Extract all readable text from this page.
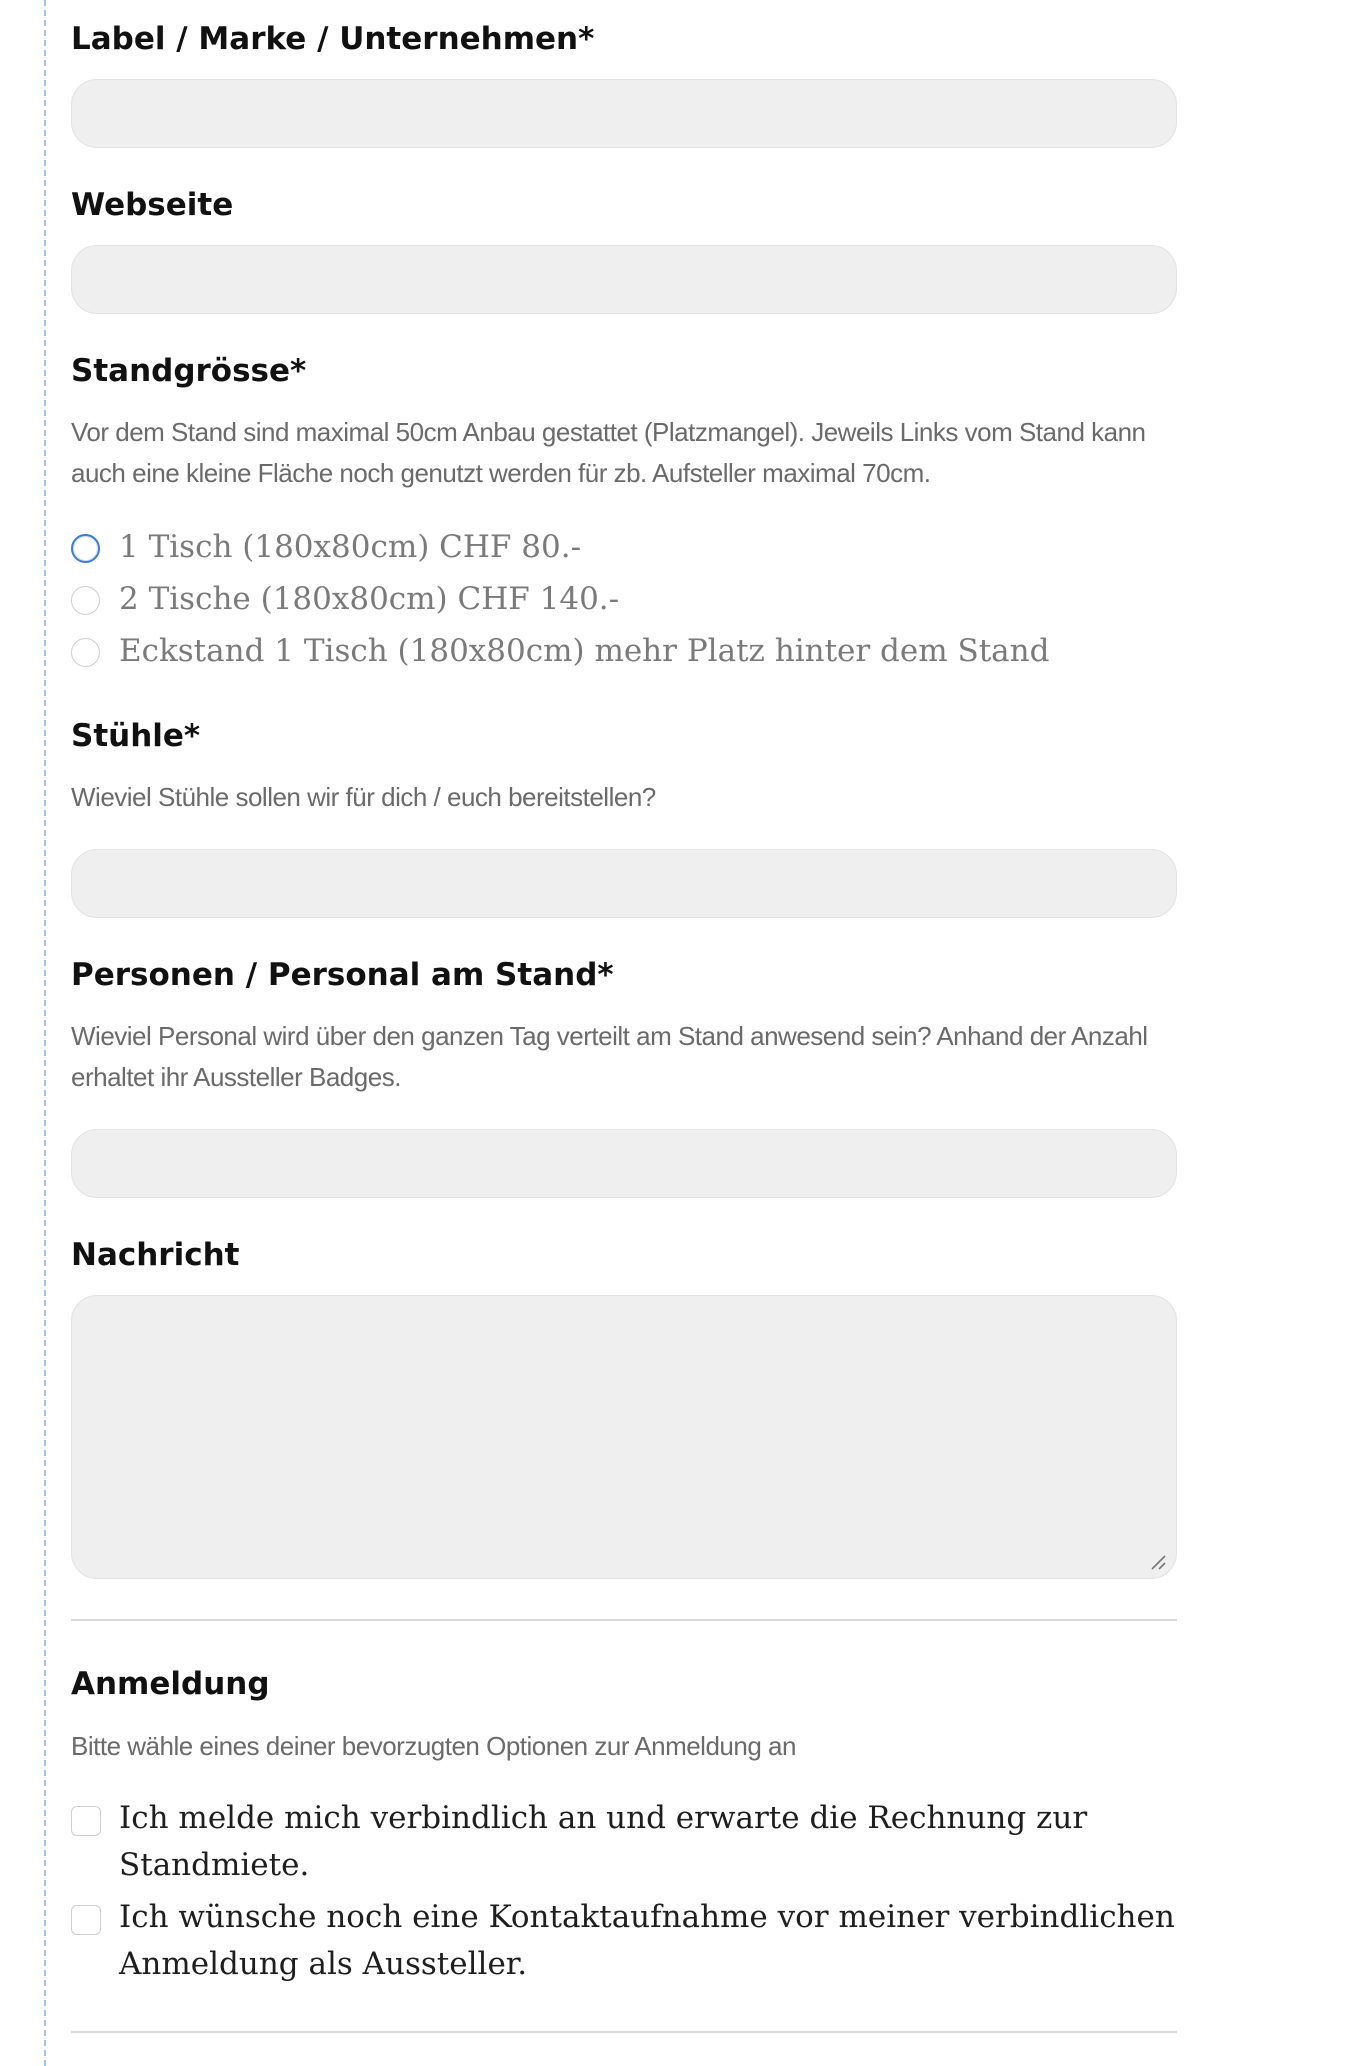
Label / Marke / Unternehmen*
Webseite
Standgrösse*
Vor dem Stand sind maximal 50cm Anbau gestattet (Platzmangel). Jeweils Links vom Stand kann auch eine kleine Fläche noch genutzt werden für zb. Aufsteller maximal 70cm.
1 Tisch (180x80cm) CHF 80.-
2 Tische (180x80cm) CHF 140.-
Eckstand 1 Tisch (180x80cm) mehr Platz hinter dem Stand
Stühle*
Wieviel Stühle sollen wir für dich / euch bereitstellen?
Personen / Personal am Stand*
Wieviel Personal wird über den ganzen Tag verteilt am Stand anwesend sein? Anhand der Anzahl erhaltet ihr Aussteller Badges.
Nachricht
Anmeldung
Bitte wähle eines deiner bevorzugten Optionen zur Anmeldung an
Ich melde mich verbindlich an und erwarte die Rechnung zur Standmiete.
Ich wünsche noch eine Kontaktaufnahme vor meiner verbindlichen Anmeldung als Aussteller.
